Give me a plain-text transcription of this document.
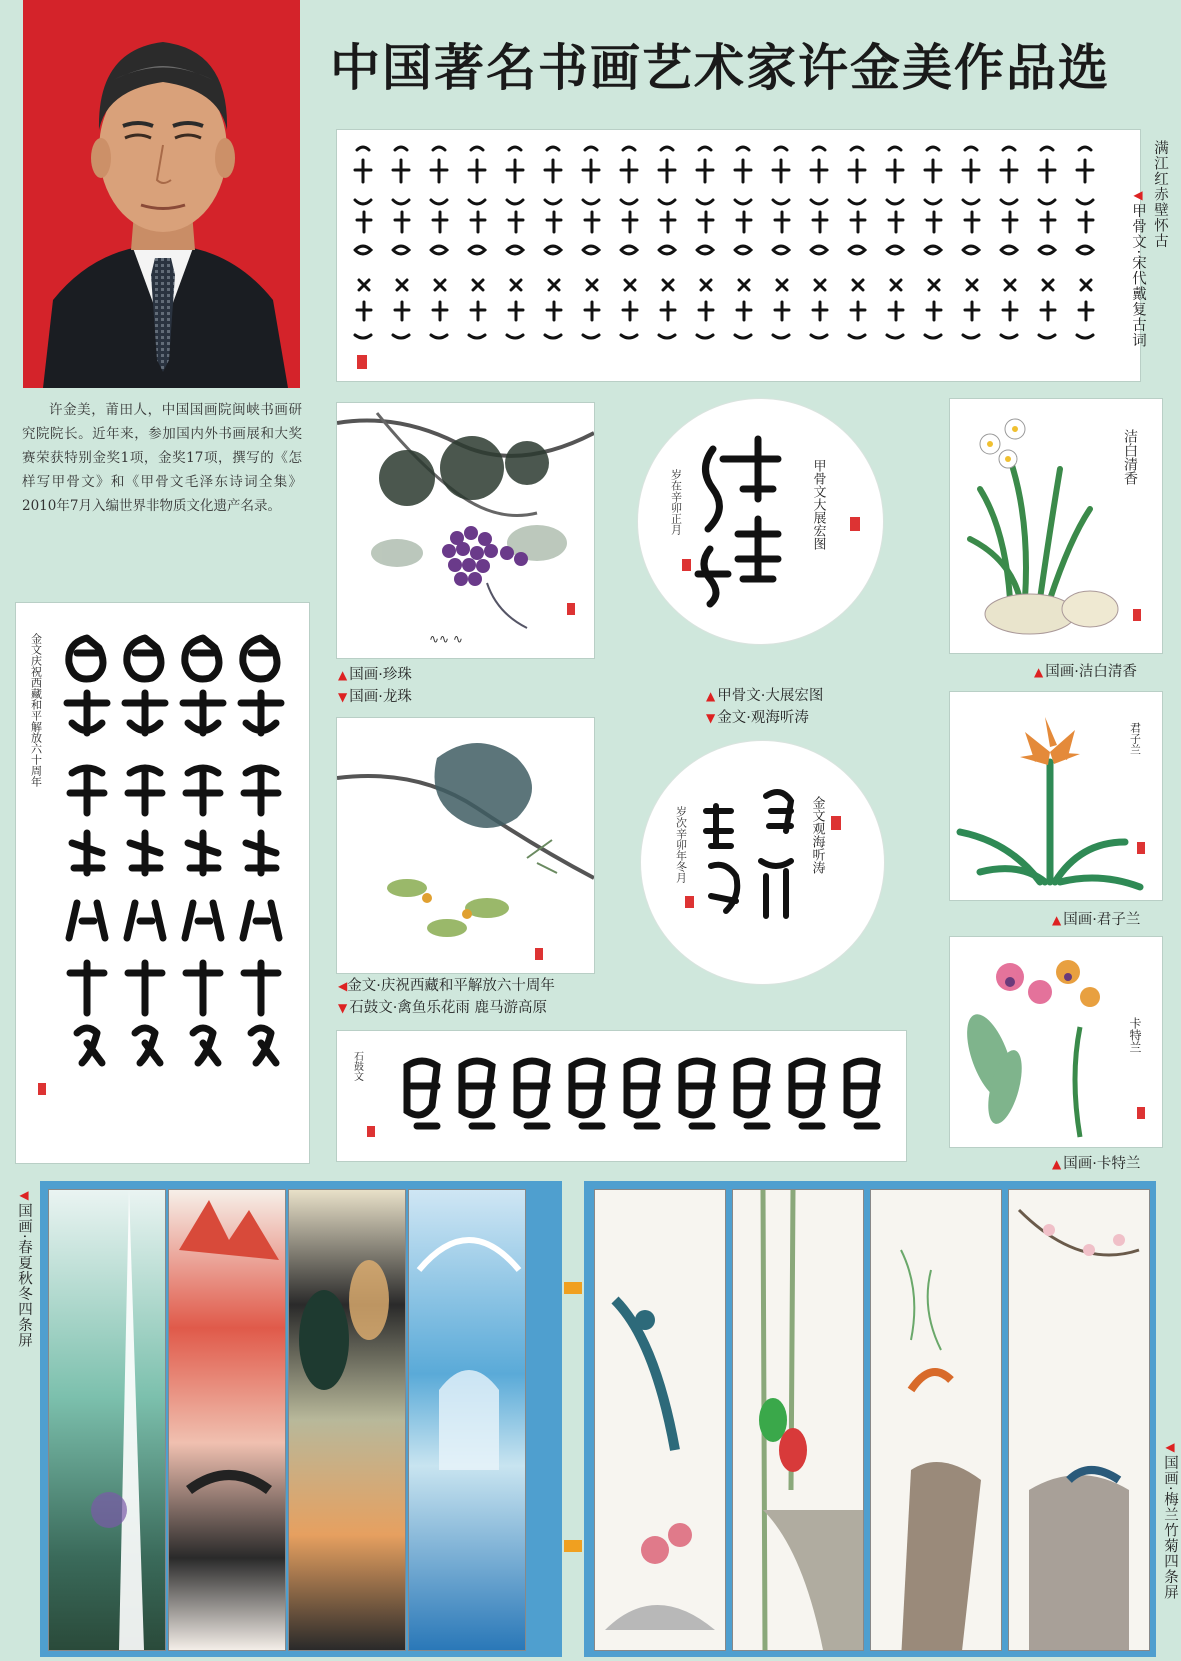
中国著名书画艺术家许金美作品选
许金美，莆田人，中国国画院闽峡书画研究院院长。近年来，参加国内外书画展和大奖赛荣获特别金奖1项，金奖17项，撰写的《怎样写甲骨文》和《甲骨文毛泽东诗词全集》2010年7月入编世界非物质文化遗产名录。
满江红赤壁怀古
◀甲骨文·宋代戴复古词
∿∿ ∿
▲ 国画·珍珠
▼ 国画·龙珠
◀金文·庆祝西藏和平解放六十周年
▼ 石鼓文·禽鱼乐花雨 鹿马游高原
甲骨文大展宏图
岁在辛卯正月
▲ 甲骨文·大展宏图
▼ 金文·观海听涛
金文观海听涛
岁次辛卯年冬月
洁白清香
▲ 国画·洁白清香
君子兰
▲ 国画·君子兰
卡特兰
▲ 国画·卡特兰
金文庆祝西藏和平解放六十周年
石鼓文
◀国画·春夏秋冬四条屏
◀国画·梅兰竹菊四条屏
